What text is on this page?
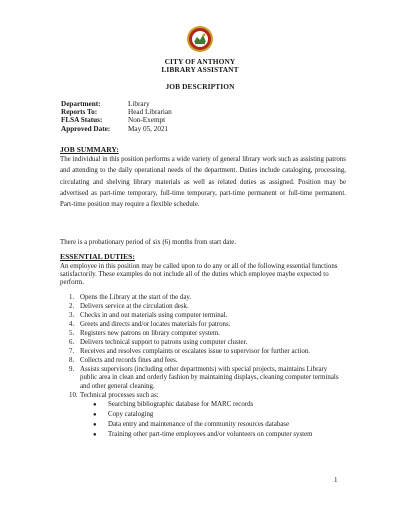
CITY OF ANTHONY
LIBRARY ASSISTANT
JOB DESCRIPTION
Department:	Library
Reports To:	Head Librarian
FLSA Status:	Non-Exempt
Approved Date:	May 05, 2021
JOB SUMMARY:
The individual in this position performs a wide variety of general library work such as assisting patrons and attending to the daily operational needs of the department. Duties include cataloging, processing, circulating and shelving library materials as well as related duties as assigned. Position may be advertised as part-time temporary, full-time temporary, part-time permanent or full-time permanent. Part-time position may require a flexible schedule.
There is a probationary period of six (6) months from start date.
ESSENTIAL DUTIES:
An employee in this position may be called upon to do any or all of the following essential functions satisfactorily. These examples do not include all of the duties which employee maybe expected to perform.
1. Opens the Library at the start of the day.
2. Delivers service at the circulation desk.
3. Checks in and out materials using computer terminal.
4. Greets and directs and/or locates materials for patrons.
5. Registers new patrons on library computer system.
6. Delivers technical support to patrons using computer cluster.
7. Receives and resolves complaints or escalates issue to supervisor for further action.
8. Collects and records fines and fees.
9. Assists supervisors (including other departments) with special projects, maintains Library public area in clean and orderly fashion by maintaining displays, cleaning computer terminals and other general cleaning.
10. Technical processes such as:
● Searching bibliographic database for MARC records
● Copy cataloging
● Data entry and maintenance of the community resources database
● Training other part-time employees and/or volunteers on computer system
1
